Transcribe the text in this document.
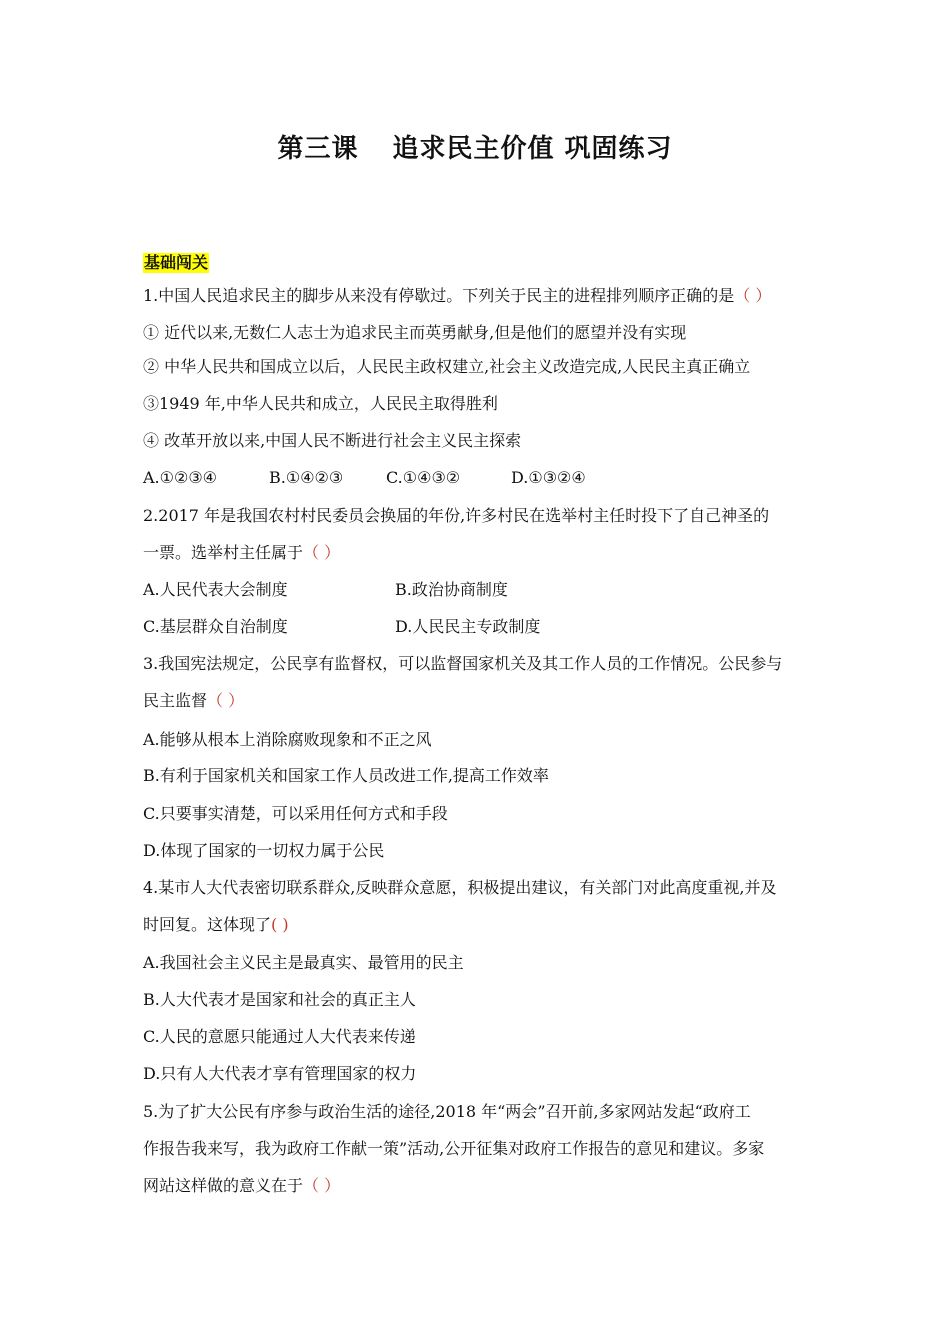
第三课 追求民主价值 巩固练习
基础闯关
1.中国人民追求民主的脚步从来没有停歇过。下列关于民主的进程排列顺序正确的是（ ）
① 近代以来,无数仁人志士为追求民主而英勇献身,但是他们的愿望并没有实现
② 中华人民共和国成立以后，人民民主政权建立,社会主义改造完成,人民民主真正确立
③1949 年,中华人民共和成立，人民民主取得胜利
④ 改革开放以来,中国人民不断进行社会主义民主探索
A.①②③④	B.①④②③	C.①④③②	D.①③②④
2.2017 年是我国农村村民委员会换届的年份,许多村民在选举村主任时投下了自己神圣的
一票。选举村主任属于（ ）
A.人民代表大会制度	B.政治协商制度
C.基层群众自治制度	D.人民民主专政制度
3.我国宪法规定，公民享有监督权，可以监督国家机关及其工作人员的工作情况。公民参与
民主监督（ ）
A.能够从根本上消除腐败现象和不正之风
B.有利于国家机关和国家工作人员改进工作,提高工作效率
C.只要事实清楚，可以采用任何方式和手段
D.体现了国家的一切权力属于公民
4.某市人大代表密切联系群众,反映群众意愿，积极提出建议，有关部门对此高度重视,并及
时回复。这体现了( )
A.我国社会主义民主是最真实、最管用的民主
B.人大代表才是国家和社会的真正主人
C.人民的意愿只能通过人大代表来传递
D.只有人大代表才享有管理国家的权力
5.为了扩大公民有序参与政治生活的途径,2018 年“两会”召开前,多家网站发起“政府工
作报告我来写，我为政府工作献一策”活动,公开征集对政府工作报告的意见和建议。多家
网站这样做的意义在于（ ）
